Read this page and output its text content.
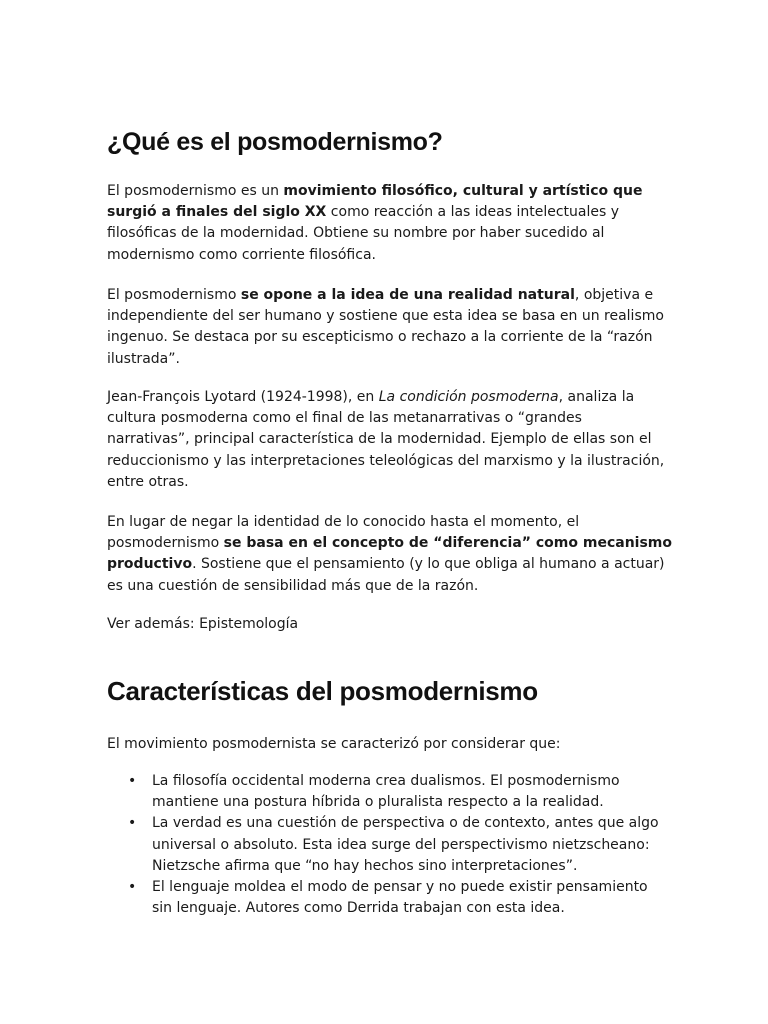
¿Qué es el posmodernismo?

El posmodernismo es un movimiento filosófico, cultural y artístico que
surgió a finales del siglo XX como reacción a las ideas intelectuales y
filosóficas de la modernidad. Obtiene su nombre por haber sucedido al
modernismo como corriente filosófica.

El posmodernismo se opone a la idea de una realidad natural, objetiva e
independiente del ser humano y sostiene que esta idea se basa en un realismo
ingenuo. Se destaca por su escepticismo o rechazo a la corriente de la “razón
ilustrada”.

Jean-François Lyotard (1924-1998), en La condición posmoderna, analiza la
cultura posmoderna como el final de las metanarrativas o “grandes
narrativas”, principal característica de la modernidad. Ejemplo de ellas son el
reduccionismo y las interpretaciones teleológicas del marxismo y la ilustración,
entre otras.

En lugar de negar la identidad de lo conocido hasta el momento, el
posmodernismo se basa en el concepto de “diferencia” como mecanismo
productivo. Sostiene que el pensamiento (y lo que obliga al humano a actuar)
es una cuestión de sensibilidad más que de la razón.

Ver además: Epistemología

Características del posmodernismo

El movimiento posmodernista se caracterizó por considerar que:

• La filosofía occidental moderna crea dualismos. El posmodernismo
mantiene una postura híbrida o pluralista respecto a la realidad.
• La verdad es una cuestión de perspectiva o de contexto, antes que algo
universal o absoluto. Esta idea surge del perspectivismo nietzscheano:
Nietzsche afirma que “no hay hechos sino interpretaciones”.
• El lenguaje moldea el modo de pensar y no puede existir pensamiento
sin lenguaje. Autores como Derrida trabajan con esta idea.
